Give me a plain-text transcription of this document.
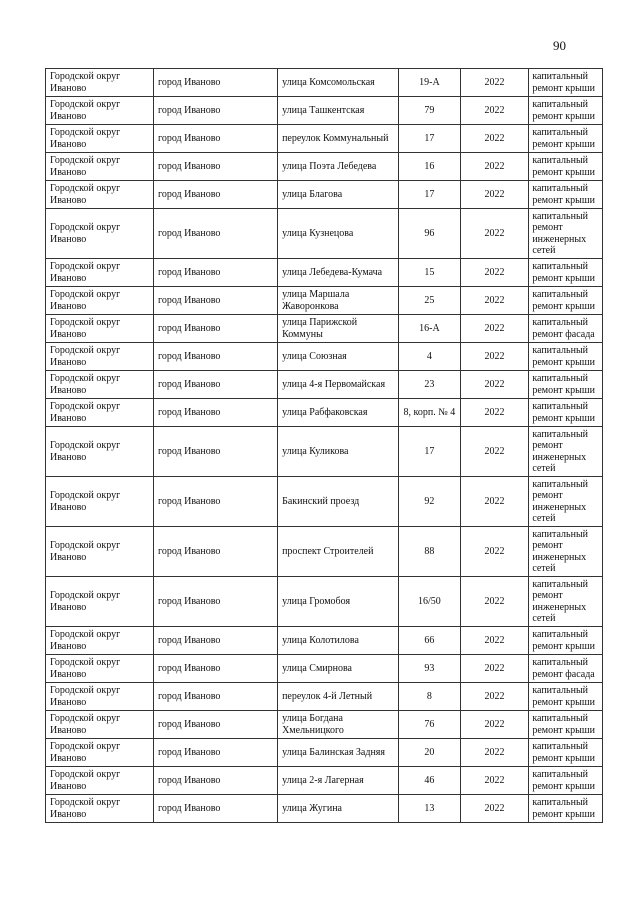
90
Городской округ Иваново	город Иваново	улица Комсомольская	19-А	2022	капитальный ремонт крыши
Городской округ Иваново	город Иваново	улица Ташкентская	79	2022	капитальный ремонт крыши
Городской округ Иваново	город Иваново	переулок Коммунальный	17	2022	капитальный ремонт крыши
Городской округ Иваново	город Иваново	улица Поэта Лебедева	16	2022	капитальный ремонт крыши
Городской округ Иваново	город Иваново	улица Благова	17	2022	капитальный ремонт крыши
Городской округ Иваново	город Иваново	улица Кузнецова	96	2022	капитальный ремонт инженерных сетей
Городской округ Иваново	город Иваново	улица Лебедева-Кумача	15	2022	капитальный ремонт крыши
Городской округ Иваново	город Иваново	улица Маршала Жаворонкова	25	2022	капитальный ремонт крыши
Городской округ Иваново	город Иваново	улица Парижской Коммуны	16-А	2022	капитальный ремонт фасада
Городской округ Иваново	город Иваново	улица Союзная	4	2022	капитальный ремонт крыши
Городской округ Иваново	город Иваново	улица 4-я Первомайская	23	2022	капитальный ремонт крыши
Городской округ Иваново	город Иваново	улица Рабфаковская	8, корп. № 4	2022	капитальный ремонт крыши
Городской округ Иваново	город Иваново	улица Куликова	17	2022	капитальный ремонт инженерных сетей
Городской округ Иваново	город Иваново	Бакинский проезд	92	2022	капитальный ремонт инженерных сетей
Городской округ Иваново	город Иваново	проспект Строителей	88	2022	капитальный ремонт инженерных сетей
Городской округ Иваново	город Иваново	улица Громобоя	16/50	2022	капитальный ремонт инженерных сетей
Городской округ Иваново	город Иваново	улица Колотилова	66	2022	капитальный ремонт крыши
Городской округ Иваново	город Иваново	улица Смирнова	93	2022	капитальный ремонт фасада
Городской округ Иваново	город Иваново	переулок 4-й Летный	8	2022	капитальный ремонт крыши
Городской округ Иваново	город Иваново	улица Богдана Хмельницкого	76	2022	капитальный ремонт крыши
Городской округ Иваново	город Иваново	улица Балинская Задняя	20	2022	капитальный ремонт крыши
Городской округ Иваново	город Иваново	улица 2-я Лагерная	46	2022	капитальный ремонт крыши
Городской округ Иваново	город Иваново	улица Жугина	13	2022	капитальный ремонт крыши
